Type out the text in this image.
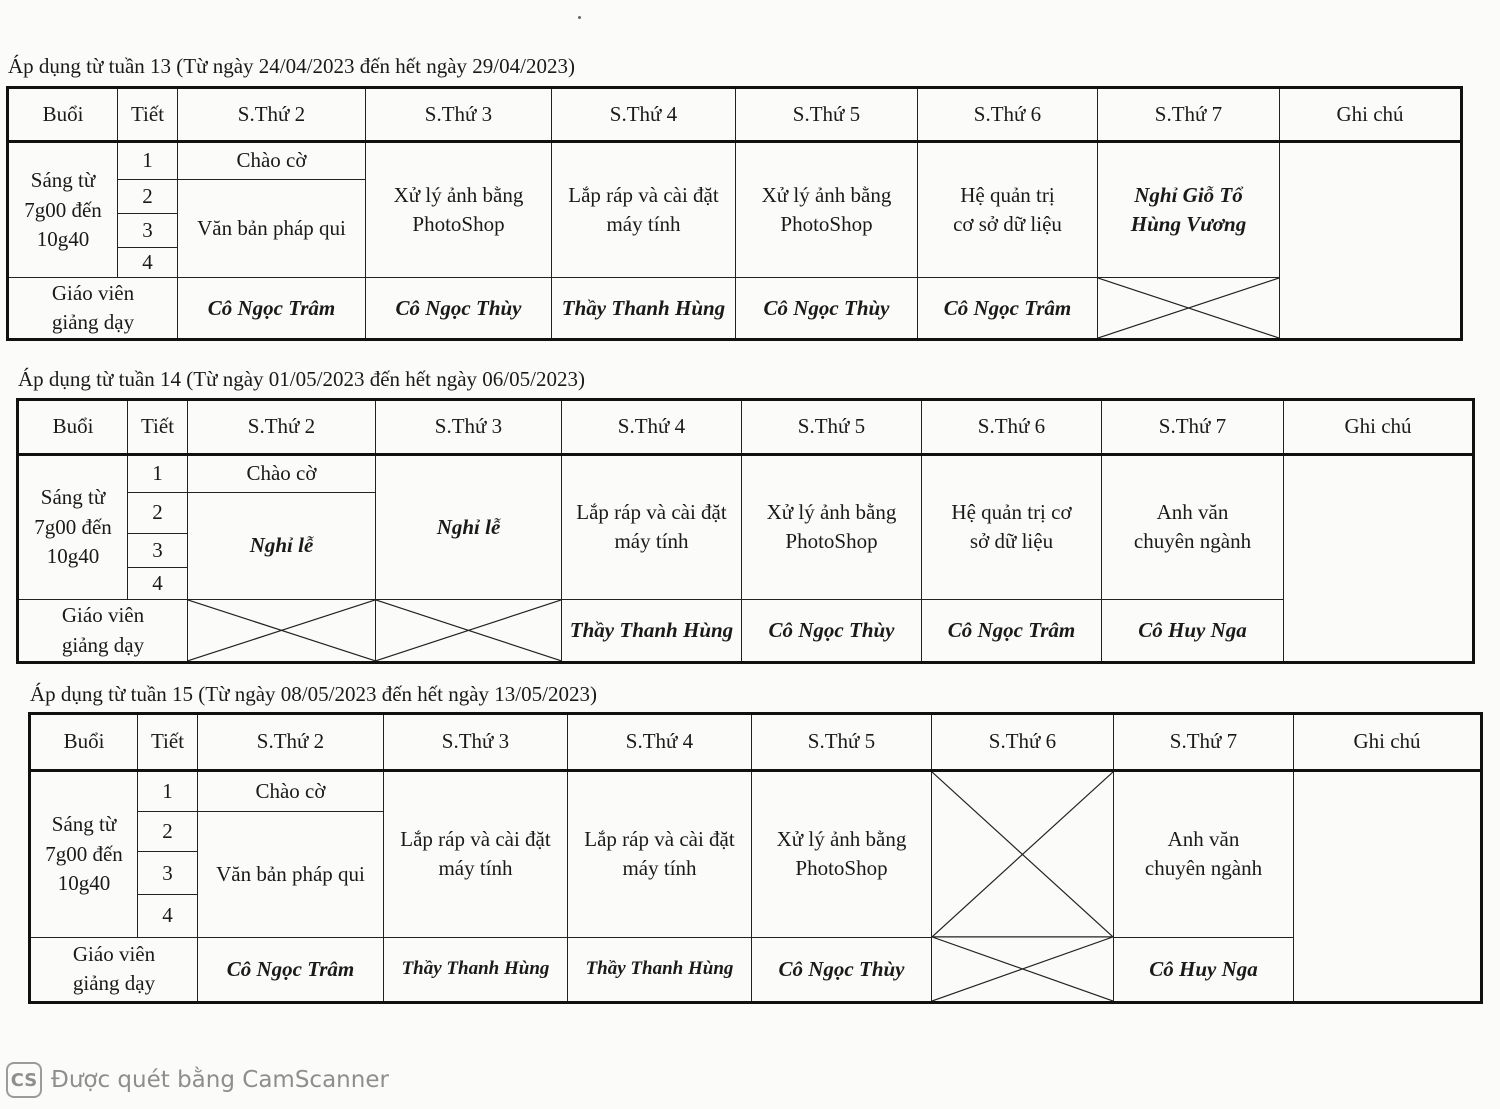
Áp dụng từ tuần 13 (Từ ngày 24/04/2023 đến hết ngày 29/04/2023)
Buổi	Tiết	S.Thứ 2	S.Thứ 3	S.Thứ 4	S.Thứ 5	S.Thứ 6	S.Thứ 7	Ghi chú
Sáng từ 7g00 đến 10g40	1	Chào cờ	Xử lý ảnh bằng PhotoShop	Lắp ráp và cài đặt máy tính	Xử lý ảnh bằng PhotoShop	Hệ quản trị cơ sở dữ liệu	Nghỉ Giỗ Tổ Hùng Vương	
	2	Văn bản pháp qui						
	3							
	4							
Giáo viên giảng dạy		Cô Ngọc Trâm	Cô Ngọc Thùy	Thầy Thanh Hùng	Cô Ngọc Thùy	Cô Ngọc Trâm	
Áp dụng từ tuần 14 (Từ ngày 01/05/2023 đến hết ngày 06/05/2023)
Buổi	Tiết	S.Thứ 2	S.Thứ 3	S.Thứ 4	S.Thứ 5	S.Thứ 6	S.Thứ 7	Ghi chú
Sáng từ 7g00 đến 10g40	1	Chào cờ	Nghỉ lễ	Lắp ráp và cài đặt máy tính	Xử lý ảnh bằng PhotoShop	Hệ quản trị cơ sở dữ liệu	Anh văn chuyên ngành	
	2	Nghỉ lễ						
	3							
	4							
Giáo viên giảng dạy				Thầy Thanh Hùng	Cô Ngọc Thùy	Cô Ngọc Trâm	Cô Huy Nga	
Áp dụng từ tuần 15 (Từ ngày 08/05/2023 đến hết ngày 13/05/2023)
Buổi	Tiết	S.Thứ 2	S.Thứ 3	S.Thứ 4	S.Thứ 5	S.Thứ 6	S.Thứ 7	Ghi chú
Sáng từ 7g00 đến 10g40	1	Chào cờ	Lắp ráp và cài đặt máy tính	Lắp ráp và cài đặt máy tính	Xử lý ảnh bằng PhotoShop		Anh văn chuyên ngành	
	2	Văn bản pháp qui						
	3							
	4							
Giáo viên giảng dạy		Cô Ngọc Trâm	Thầy Thanh Hùng	Thầy Thanh Hùng	Cô Ngọc Thùy		Cô Huy Nga	
CS Được quét bằng CamScanner
